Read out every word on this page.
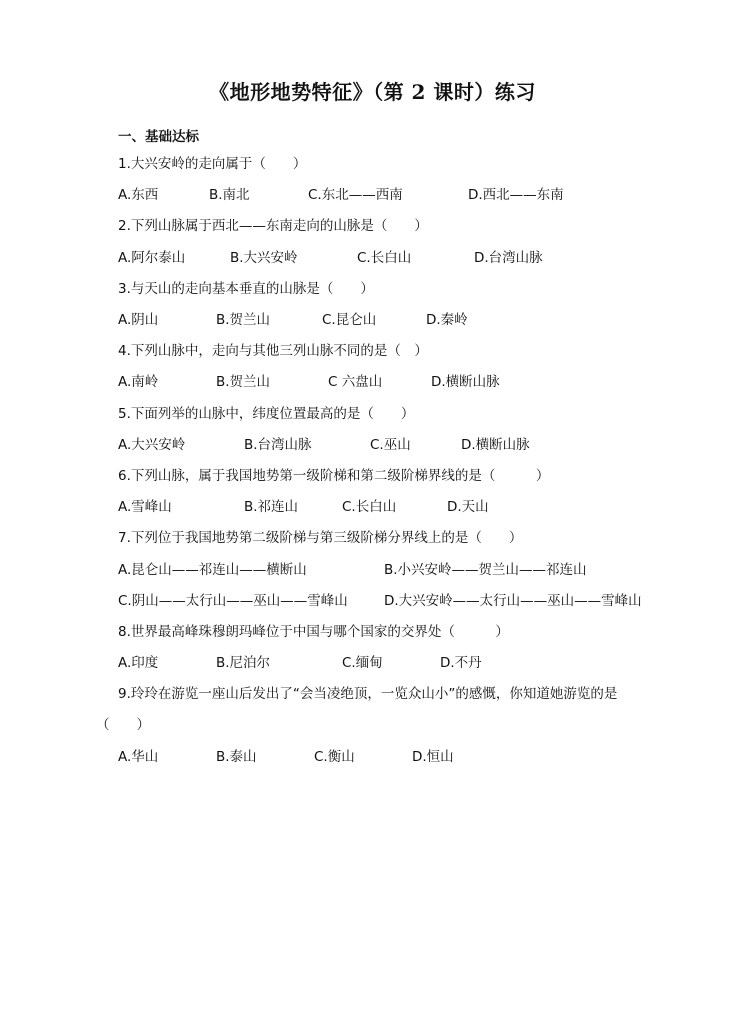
《地形地势特征》（第 2 课时）练习
一、基础达标
1.大兴安岭的走向属于（　　）
A.东西	B.南北	C.东北——西南	D.西北——东南
2.下列山脉属于西北——东南走向的山脉是（　　）
A.阿尔泰山	B.大兴安岭	C.长白山	D.台湾山脉
3.与天山的走向基本垂直的山脉是（　　）
A.阴山	B.贺兰山	C.昆仑山	D.秦岭
4.下列山脉中，走向与其他三列山脉不同的是（　）
A.南岭	B.贺兰山	C 六盘山	D.横断山脉
5.下面列举的山脉中，纬度位置最高的是（　　）
A.大兴安岭	B.台湾山脉	C.巫山	D.横断山脉
6.下列山脉，属于我国地势第一级阶梯和第二级阶梯界线的是（　　　）
A.雪峰山	B.祁连山	C.长白山	D.天山
7.下列位于我国地势第二级阶梯与第三级阶梯分界线上的是（　　）
A.昆仑山——祁连山——横断山	B.小兴安岭——贺兰山——祁连山
C.阴山——太行山——巫山——雪峰山	D.大兴安岭——太行山——巫山——雪峰山
8.世界最高峰珠穆朗玛峰位于中国与哪个国家的交界处（　　　）
A.印度	B.尼泊尔	C.缅甸	D.不丹
9.玲玲在游览一座山后发出了“会当凌绝顶，一览众山小”的感慨，你知道她游览的是
（　　）
A.华山	B.泰山	C.衡山	D.恒山
